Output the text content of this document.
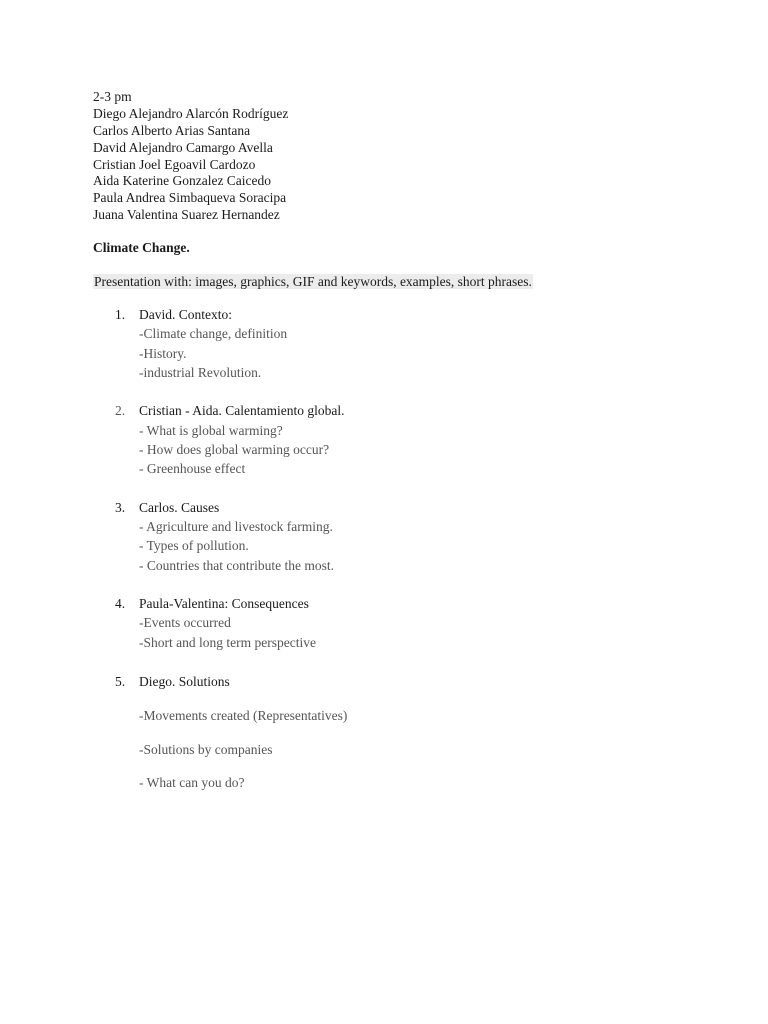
2-3 pm
Diego Alejandro Alarcón Rodríguez
Carlos Alberto Arias Santana
David Alejandro Camargo Avella
Cristian Joel Egoavil Cardozo
Aida Katerine Gonzalez Caicedo
Paula Andrea Simbaqueva Soracipa
Juana Valentina Suarez Hernandez
Climate Change.
Presentation with: images, graphics, GIF and keywords, examples, short phrases.
1. David. Contexto:
-Climate change, definition
-History.
-industrial Revolution.
2. Cristian - Aida. Calentamiento global.
- What is global warming?
- How does global warming occur?
- Greenhouse effect
3. Carlos. Causes
- Agriculture and livestock farming.
- Types of pollution.
- Countries that contribute the most.
4. Paula-Valentina: Consequences
-Events occurred
-Short and long term perspective
5. Diego. Solutions
-Movements created (Representatives)
-Solutions by companies
- What can you do?
